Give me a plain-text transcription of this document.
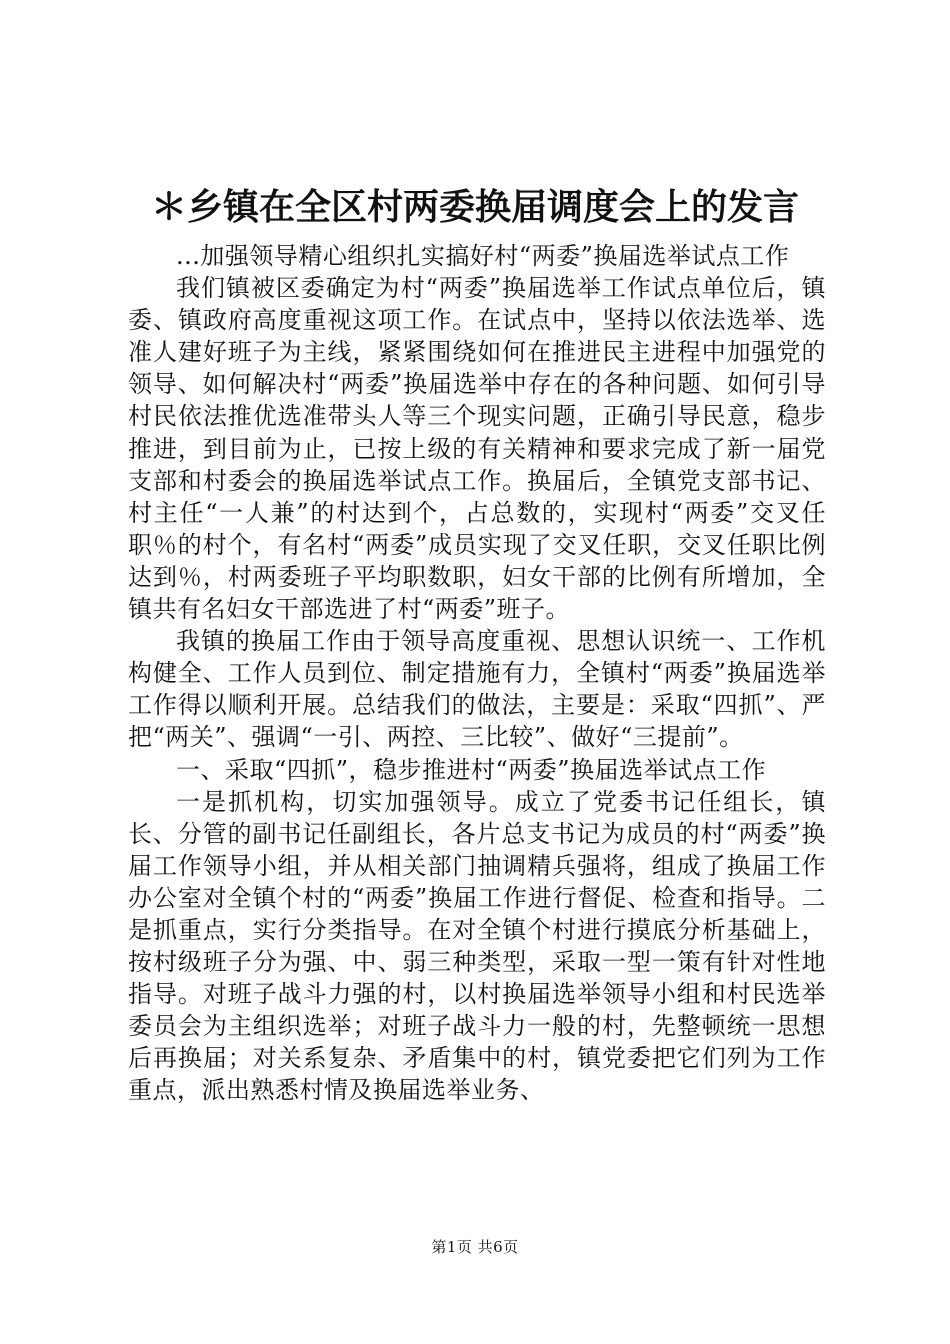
＊乡镇在全区村两委换届调度会上的发言

...加强领导精心组织扎实搞好村“两委”换届选举试点工作

我们镇被区委确定为村“两委”换届选举工作试点单位后，镇委、镇政府高度重视这项工作。在试点中，坚持以依法选举、选准人建好班子为主线，紧紧围绕如何在推进民主进程中加强党的领导、如何解决村“两委”换届选举中存在的各种问题、如何引导村民依法推优选准带头人等三个现实问题，正确引导民意，稳步推进，到目前为止，已按上级的有关精神和要求完成了新一届党支部和村委会的换届选举试点工作。换届后，全镇党支部书记、村主任“一人兼”的村达到个，占总数的，实现村“两委”交叉任职％的村个，有名村“两委”成员实现了交叉任职，交叉任职比例达到％，村两委班子平均职数职，妇女干部的比例有所增加，全镇共有名妇女干部选进了村“两委”班子。

我镇的换届工作由于领导高度重视、思想认识统一、工作机构健全、工作人员到位、制定措施有力，全镇村“两委”换届选举工作得以顺利开展。总结我们的做法，主要是：采取“四抓”、严把“两关”、强调“一引、两控、三比较”、做好“三提前”。

一、采取“四抓”，稳步推进村“两委”换届选举试点工作

一是抓机构，切实加强领导。成立了党委书记任组长，镇长、分管的副书记任副组长，各片总支书记为成员的村“两委”换届工作领导小组，并从相关部门抽调精兵强将，组成了换届工作办公室对全镇个村的“两委”换届工作进行督促、检查和指导。二是抓重点，实行分类指导。在对全镇个村进行摸底分析基础上，按村级班子分为强、中、弱三种类型，采取一型一策有针对性地指导。对班子战斗力强的村，以村换届选举领导小组和村民选举委员会为主组织选举；对班子战斗力一般的村，先整顿统一思想后再换届；对关系复杂、矛盾集中的村，镇党委把它们列为工作重点，派出熟悉村情及换届选举业务、

第1页 共6页
